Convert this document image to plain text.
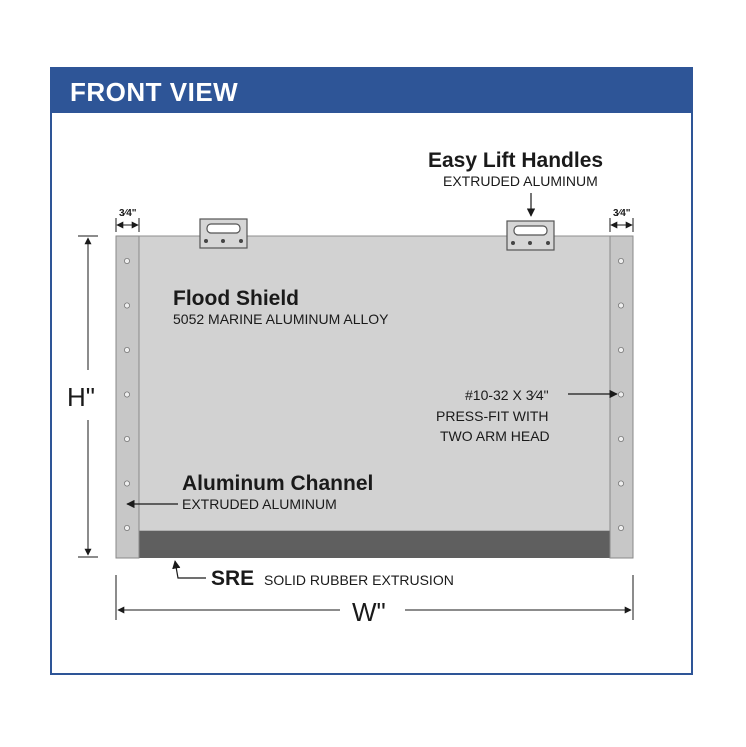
FRONT VIEW
Easy Lift Handles
EXTRUDED ALUMINUM
3⁄4"	3⁄4"
H"
W"
Flood Shield
5052 MARINE ALUMINUM ALLOY
#10-32 X 3⁄4"
PRESS-FIT WITH
TWO ARM HEAD
Aluminum Channel
EXTRUDED ALUMINUM
SRE SOLID RUBBER EXTRUSION
